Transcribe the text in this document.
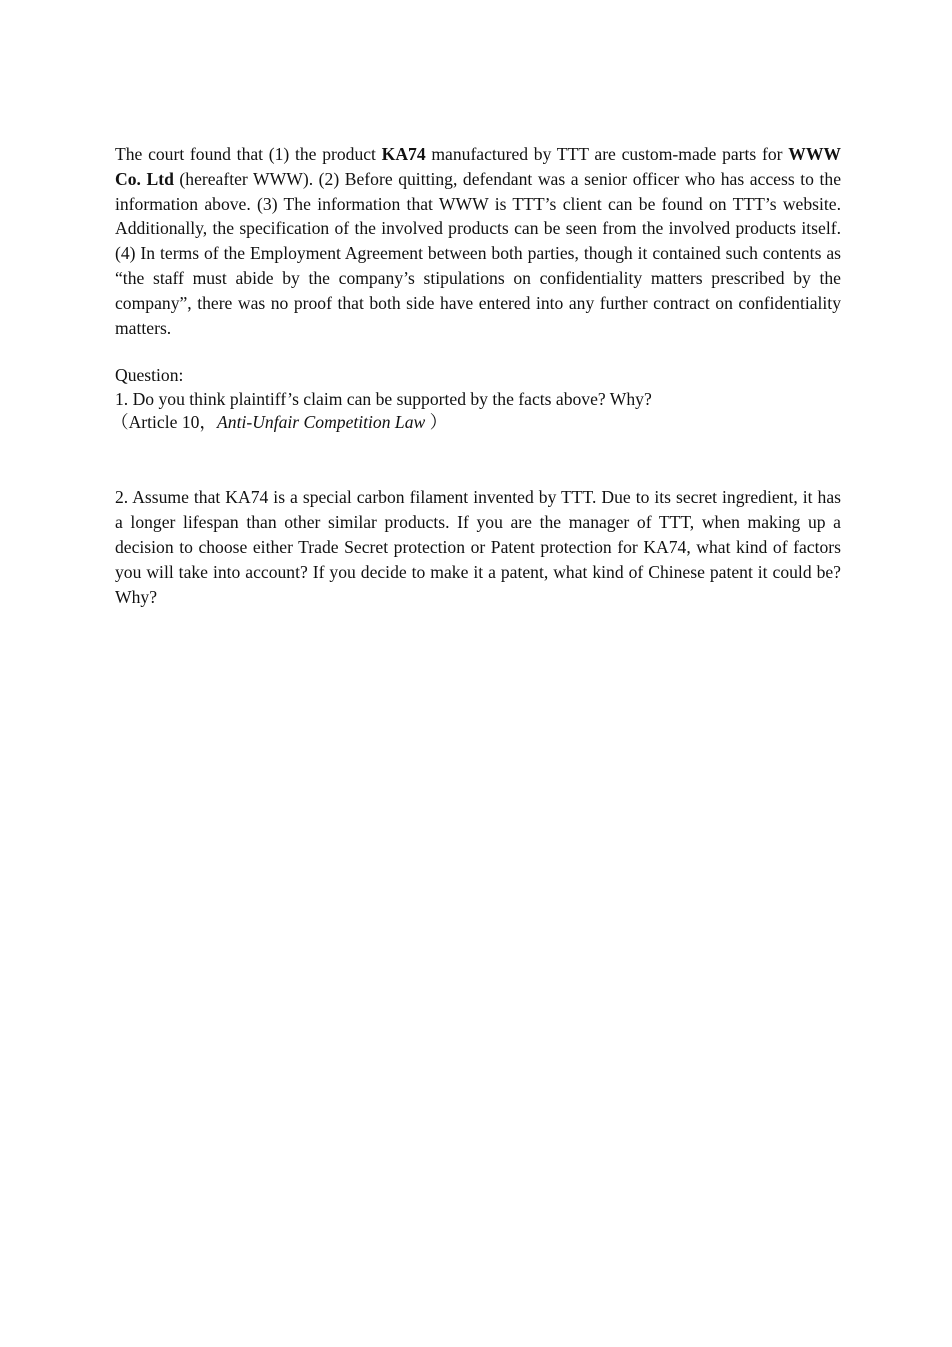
The court found that (1) the product KA74 manufactured by TTT are custom-made parts for WWW Co. Ltd (hereafter WWW). (2) Before quitting, defendant was a senior officer who has access to the information above. (3) The information that WWW is TTT’s client can be found on TTT’s website. Additionally, the specification of the involved products can be seen from the involved products itself. (4) In terms of the Employment Agreement between both parties, though it contained such contents as “the staff must abide by the company’s stipulations on confidentiality matters prescribed by the company”, there was no proof that both side have entered into any further contract on confidentiality matters.

Question:
1. Do you think plaintiff’s claim can be supported by the facts above? Why?
（Article 10，Anti-Unfair Competition Law ）

2. Assume that KA74 is a special carbon filament invented by TTT. Due to its secret ingredient, it has a longer lifespan than other similar products. If you are the manager of TTT, when making up a decision to choose either Trade Secret protection or Patent protection for KA74, what kind of factors you will take into account? If you decide to make it a patent, what kind of Chinese patent it could be? Why?
